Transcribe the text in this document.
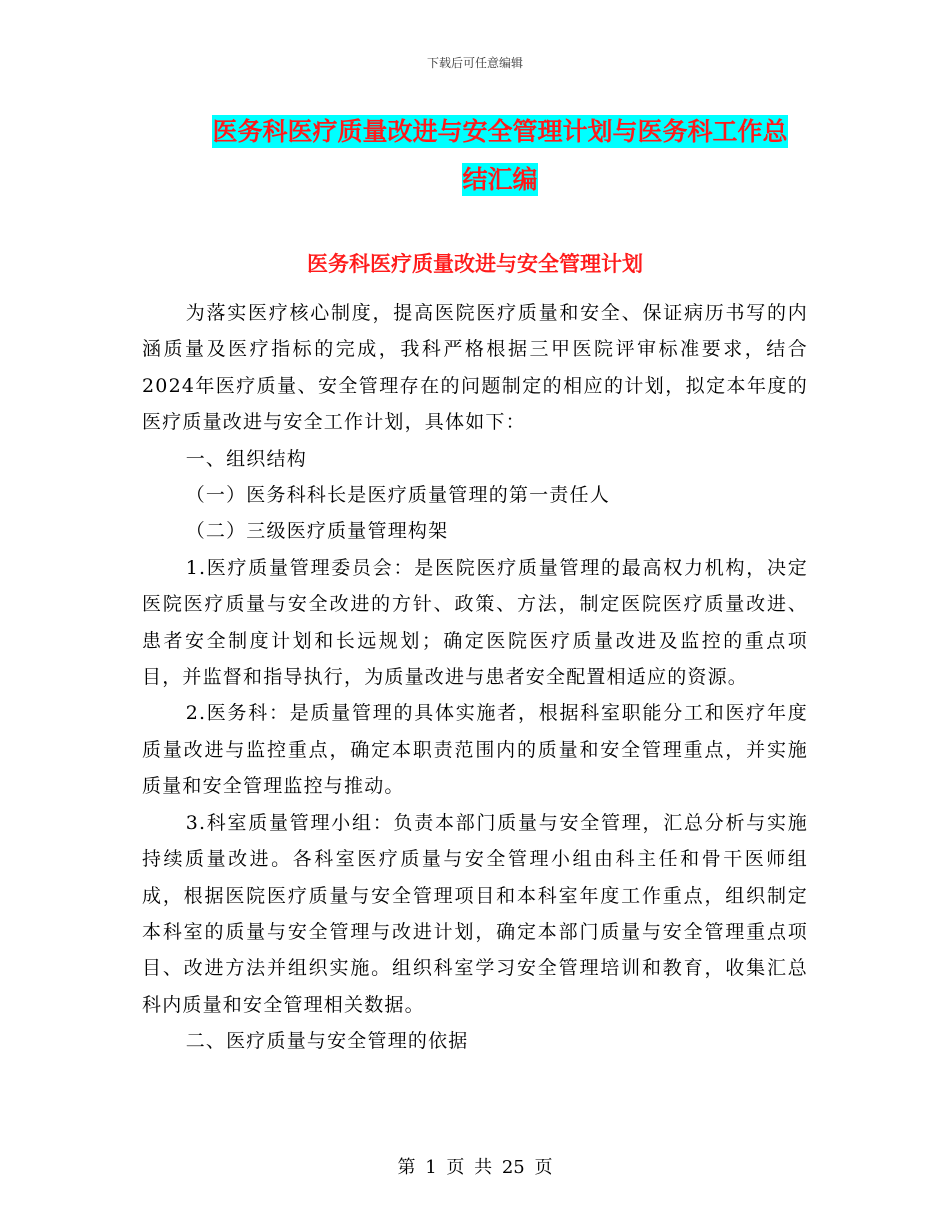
下载后可任意编辑
医务科医疗质量改进与安全管理计划与医务科工作总
结汇编
医务科医疗质量改进与安全管理计划

为落实医疗核心制度，提高医院医疗质量和安全、保证病历书写的内涵质量及医疗指标的完成，我科严格根据三甲医院评审标准要求，结合2024年医疗质量、安全管理存在的问题制定的相应的计划，拟定本年度的医疗质量改进与安全工作计划，具体如下：

一、组织结构

（一）医务科科长是医疗质量管理的第一责任人

（二）三级医疗质量管理构架

1.医疗质量管理委员会：是医院医疗质量管理的最高权力机构，决定医院医疗质量与安全改进的方针、政策、方法，制定医院医疗质量改进、患者安全制度计划和长远规划；确定医院医疗质量改进及监控的重点项目，并监督和指导执行，为质量改进与患者安全配置相适应的资源。

2.医务科：是质量管理的具体实施者，根据科室职能分工和医疗年度质量改进与监控重点，确定本职责范围内的质量和安全管理重点，并实施质量和安全管理监控与推动。

3.科室质量管理小组：负责本部门质量与安全管理，汇总分析与实施持续质量改进。各科室医疗质量与安全管理小组由科主任和骨干医师组成，根据医院医疗质量与安全管理项目和本科室年度工作重点，组织制定本科室的质量与安全管理与改进计划，确定本部门质量与安全管理重点项目、改进方法并组织实施。组织科室学习安全管理培训和教育，收集汇总科内质量和安全管理相关数据。

二、医疗质量与安全管理的依据

第 1 页 共 25 页
